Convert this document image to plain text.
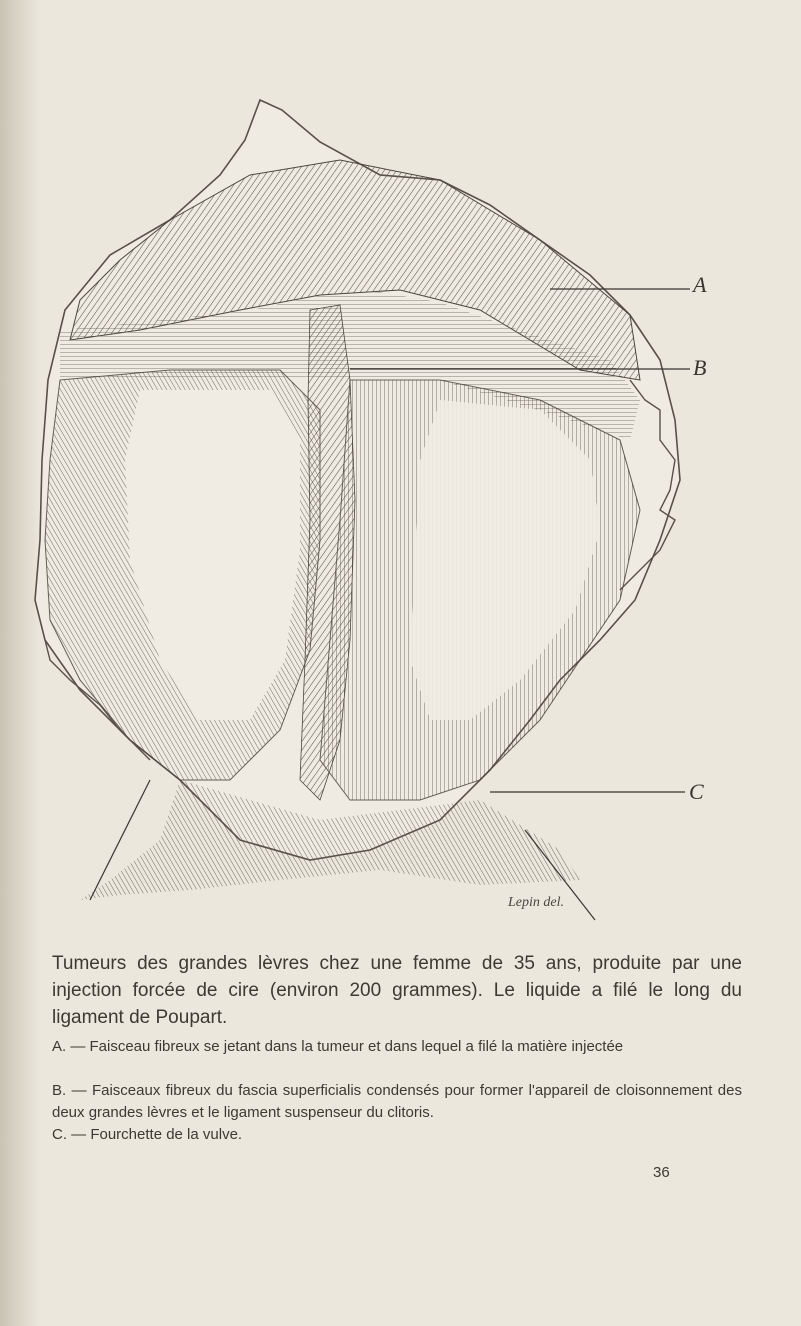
A
B
C
Lepin del.

Tumeurs des grandes lèvres chez une femme de 35 ans, produite par une injection forcée de cire (environ 200 grammes). Le liquide a filé le long du ligament de Poupart.

A. — Faisceau fibreux se jetant dans la tumeur et dans lequel a filé la matière injectée

B. — Faisceaux fibreux du fascia superficialis condensés pour former l'appareil de cloisonnement des deux grandes lèvres et le ligament suspenseur du clitoris.

C. — Fourchette de la vulve.

36
